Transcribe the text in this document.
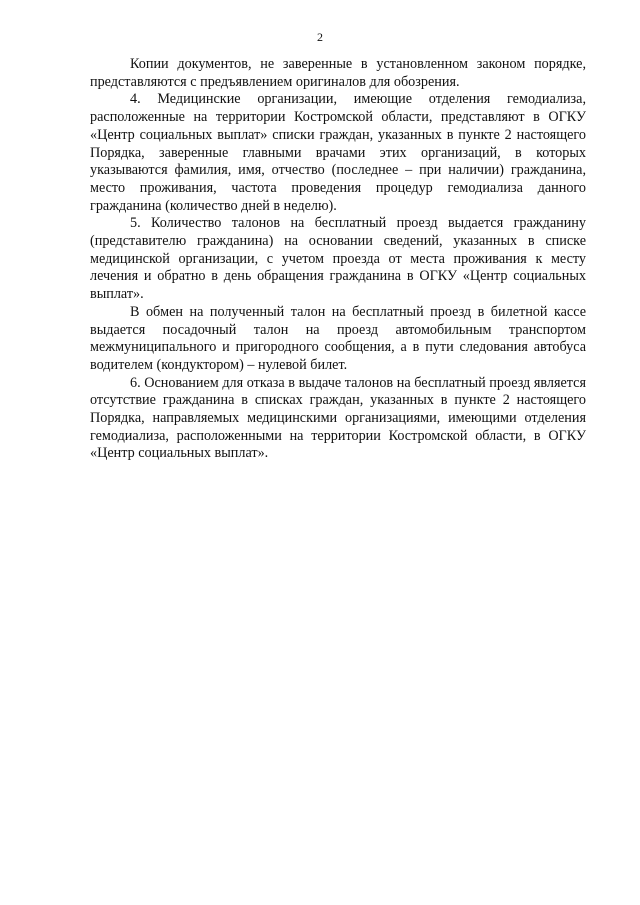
2

Копии документов, не заверенные в установленном законом порядке, представляются с предъявлением оригиналов для обозрения.

4. Медицинские организации, имеющие отделения гемодиализа, расположенные на территории Костромской области, представляют в ОГКУ «Центр социальных выплат» списки граждан, указанных в пункте 2 настоящего Порядка, заверенные главными врачами этих организаций, в которых указываются фамилия, имя, отчество (последнее – при наличии) гражданина, место проживания, частота проведения процедур гемодиализа данного гражданина (количество дней в неделю).

5. Количество талонов на бесплатный проезд выдается гражданину (представителю гражданина) на основании сведений, указанных в списке медицинской организации, с учетом проезда от места проживания к месту лечения и обратно в день обращения гражданина в ОГКУ «Центр социальных выплат».

В обмен на полученный талон на бесплатный проезд в билетной кассе выдается посадочный талон на проезд автомобильным транспортом межмуниципального и пригородного сообщения, а в пути следования автобуса водителем (кондуктором) – нулевой билет.

6. Основанием для отказа в выдаче талонов на бесплатный проезд является отсутствие гражданина в списках граждан, указанных в пункте 2 настоящего Порядка, направляемых медицинскими организациями, имеющими отделения гемодиализа, расположенными на территории Костромской области, в ОГКУ «Центр социальных выплат».
